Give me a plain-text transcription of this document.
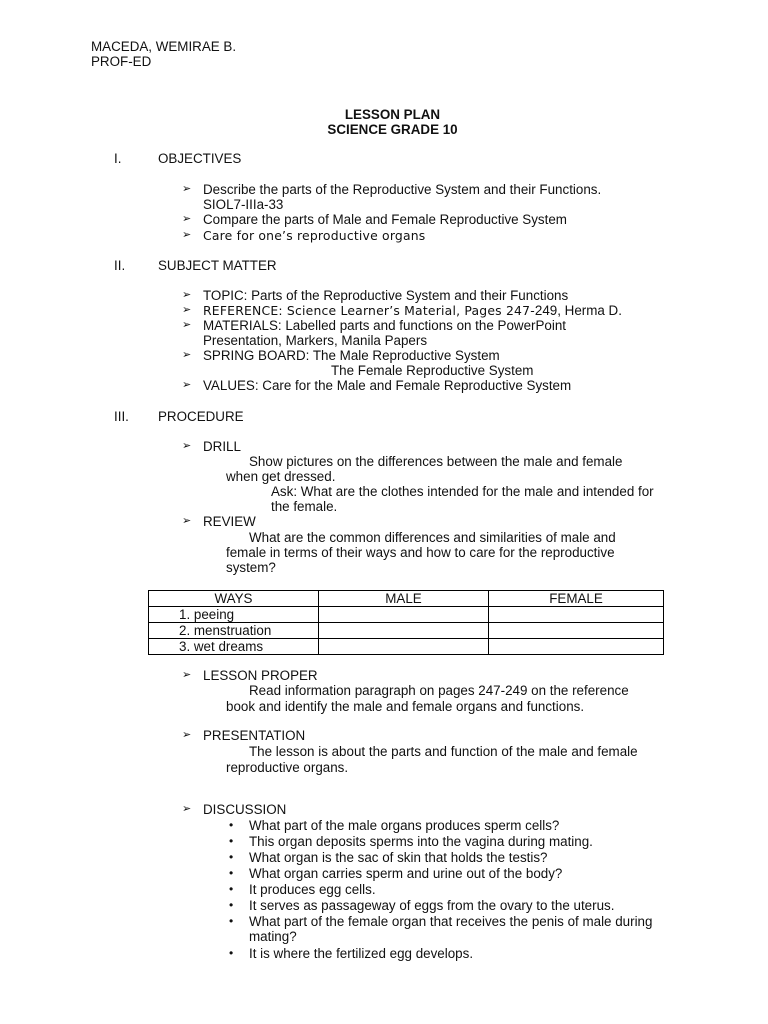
MACEDA, WEMIRAE B.
PROF-ED
LESSON PLAN
SCIENCE GRADE 10
I.	OBJECTIVES
➢ Describe the parts of the Reproductive System and their Functions.
SIOL7-IIIa-33
➢ Compare the parts of Male and Female Reproductive System
➢ Care for one’s reproductive organs
II. SUBJECT MATTER
➢ TOPIC: Parts of the Reproductive System and their Functions
➢ REFERENCE: Science Learner’s Material, Pages 247-249, Herma D.
➢ MATERIALS: Labelled parts and functions on the PowerPoint
Presentation, Markers, Manila Papers
➢ SPRING BOARD: The Male Reproductive System
The Female Reproductive System
➢ VALUES: Care for the Male and Female Reproductive System
III. PROCEDURE
➢ DRILL
Show pictures on the differences between the male and female
when get dressed.
Ask: What are the clothes intended for the male and intended for
the female.
➢ REVIEW
What are the common differences and similarities of male and
female in terms of their ways and how to care for the reproductive
system?
WAYS	MALE	FEMALE
1. peeing		
2. menstruation		
3. wet dreams		
➢ LESSON PROPER
Read information paragraph on pages 247-249 on the reference
book and identify the male and female organs and functions.
➢ PRESENTATION
The lesson is about the parts and function of the male and female
reproductive organs.
➢ DISCUSSION
• What part of the male organs produces sperm cells?
• This organ deposits sperms into the vagina during mating.
• What organ is the sac of skin that holds the testis?
• What organ carries sperm and urine out of the body?
• It produces egg cells.
• It serves as passageway of eggs from the ovary to the uterus.
• What part of the female organ that receives the penis of male during
mating?
• It is where the fertilized egg develops.
